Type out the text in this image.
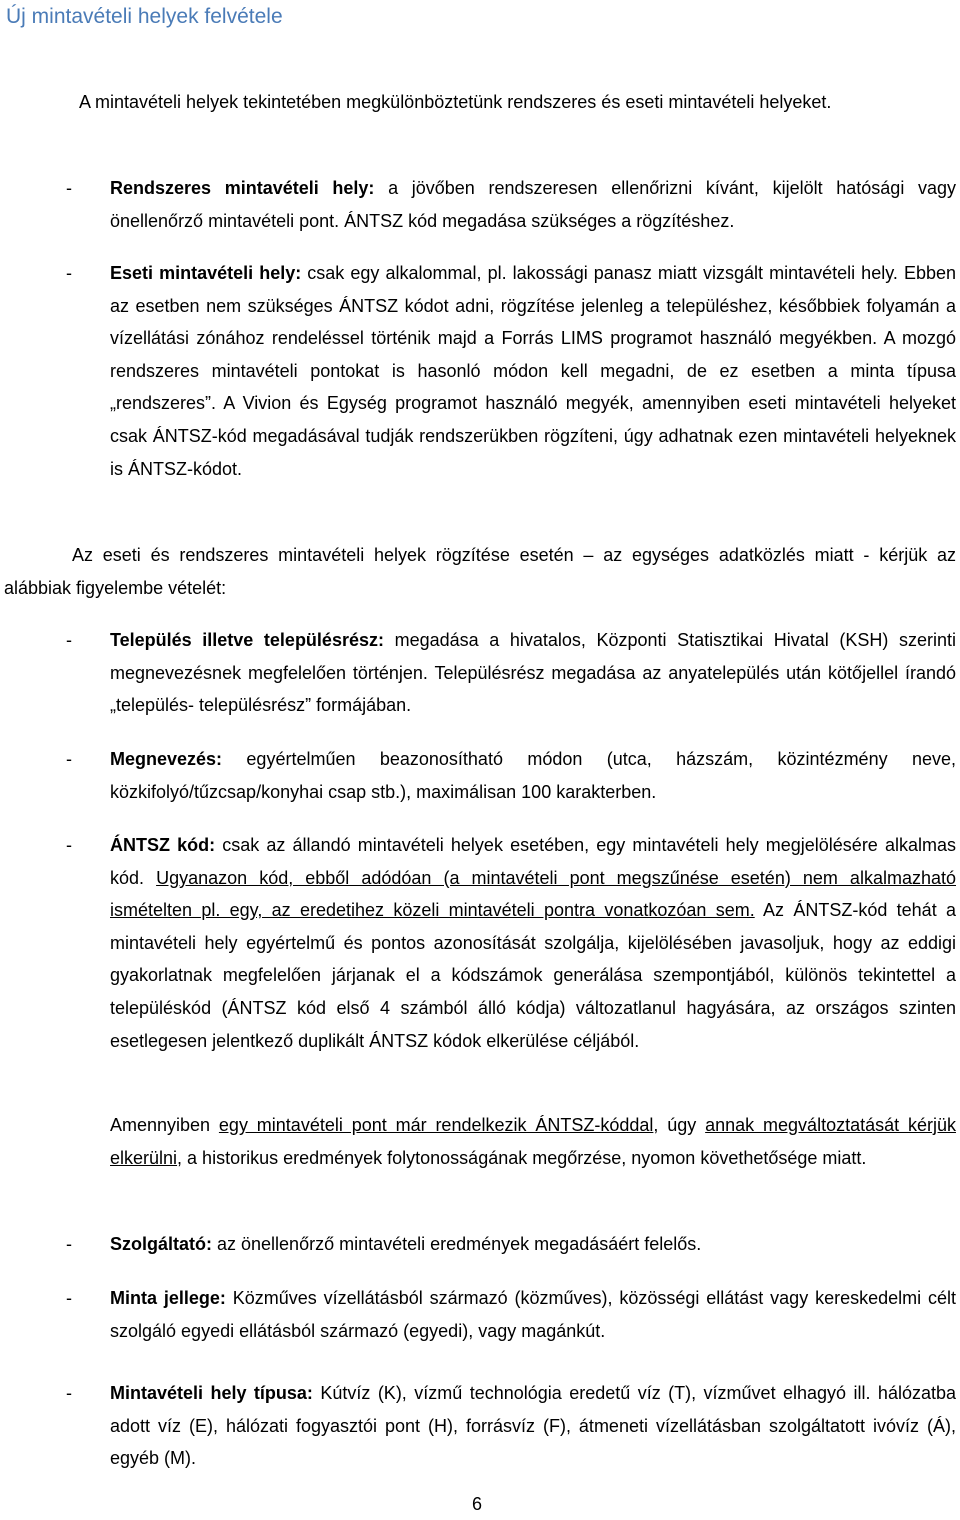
Új mintavételi helyek felvétele
A mintavételi helyek tekintetében megkülönböztetünk rendszeres és eseti mintavételi helyeket.
- Rendszeres mintavételi hely: a jövőben rendszeresen ellenőrizni kívánt, kijelölt hatósági vagy önellenőrző mintavételi pont. ÁNTSZ kód megadása szükséges a rögzítéshez.
- Eseti mintavételi hely: csak egy alkalommal, pl. lakossági panasz miatt vizsgált mintavételi hely. Ebben az esetben nem szükséges ÁNTSZ kódot adni, rögzítése jelenleg a településhez, későbbiek folyamán a vízellátási zónához rendeléssel történik majd a Forrás LIMS programot használó megyékben. A mozgó rendszeres mintavételi pontokat is hasonló módon kell megadni, de ez esetben a minta típusa „rendszeres”. A Vivion és Egység programot használó megyék, amennyiben eseti mintavételi helyeket csak ÁNTSZ-kód megadásával tudják rendszerükben rögzíteni, úgy adhatnak ezen mintavételi helyeknek is ÁNTSZ-kódot.
Az eseti és rendszeres mintavételi helyek rögzítése esetén – az egységes adatközlés miatt - kérjük az alábbiak figyelembe vételét:
- Település illetve településrész: megadása a hivatalos, Központi Statisztikai Hivatal (KSH) szerinti megnevezésnek megfelelően történjen. Településrész megadása az anyatelepülés után kötőjellel írandó „település- településrész” formájában.
- Megnevezés: egyértelműen beazonosítható módon (utca, házszám, közintézmény neve, közkifolyó/tűzcsap/konyhai csap stb.), maximálisan 100 karakterben.
- ÁNTSZ kód: csak az állandó mintavételi helyek esetében, egy mintavételi hely megjelölésére alkalmas kód. Ugyanazon kód, ebből adódóan (a mintavételi pont megszűnése esetén) nem alkalmazható ismételten pl. egy, az eredetihez közeli mintavételi pontra vonatkozóan sem. Az ÁNTSZ-kód tehát a mintavételi hely egyértelmű és pontos azonosítását szolgálja, kijelölésében javasoljuk, hogy az eddigi gyakorlatnak megfelelően járjanak el a kódszámok generálása szempontjából, különös tekintettel a településkód (ÁNTSZ kód első 4 számból álló kódja) változatlanul hagyására, az országos szinten esetlegesen jelentkező duplikált ÁNTSZ kódok elkerülése céljából.
Amennyiben egy mintavételi pont már rendelkezik ÁNTSZ-kóddal, úgy annak megváltoztatását kérjük elkerülni, a historikus eredmények folytonosságának megőrzése, nyomon követhetősége miatt.
- Szolgáltató: az önellenőrző mintavételi eredmények megadásáért felelős.
- Minta jellege: Közműves vízellátásból származó (közműves), közösségi ellátást vagy kereskedelmi célt szolgáló egyedi ellátásból származó (egyedi), vagy magánkút.
- Mintavételi hely típusa: Kútvíz (K), vízmű technológia eredetű víz (T), vízművet elhagyó ill. hálózatba adott víz (E), hálózati fogyasztói pont (H), forrásvíz (F), átmeneti vízellátásban szolgáltatott ivóvíz (Á), egyéb (M).
6
